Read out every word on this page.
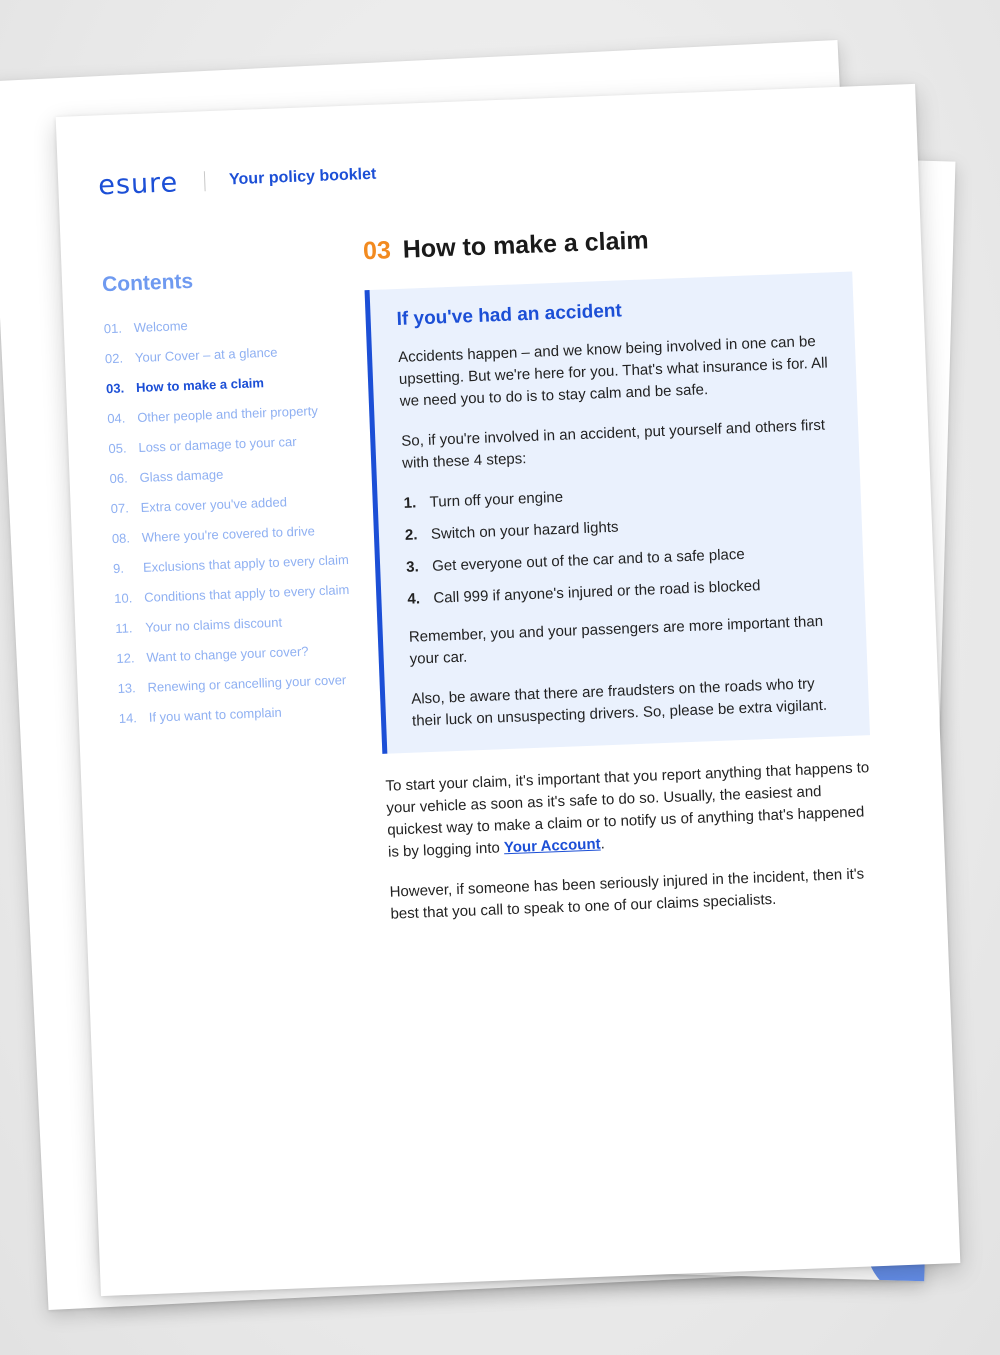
esure	Your policy booklet
Contents
01. Welcome
02. Your Cover – at a glance
03. How to make a claim
04. Other people and their property
05. Loss or damage to your car
06. Glass damage
07. Extra cover you've added
08. Where you're covered to drive
9.	Exclusions that apply to every claim
10. Conditions that apply to every claim
11. Your no claims discount
12. Want to change your cover?
13. Renewing or cancelling your cover
14. If you want to complain
03 How to make a claim
If you've had an accident

Accidents happen – and we know being involved in one can be upsetting. But we're here for you. That's what insurance is for. All we need you to do is to stay calm and be safe.

So, if you're involved in an accident, put yourself and others first with these 4 steps:

1. Turn off your engine
2. Switch on your hazard lights
3. Get everyone out of the car and to a safe place
4. Call 999 if anyone's injured or the road is blocked

Remember, you and your passengers are more important than your car.

Also, be aware that there are fraudsters on the roads who try their luck on unsuspecting drivers. So, please be extra vigilant.

To start your claim, it's important that you report anything that happens to your vehicle as soon as it's safe to do so. Usually, the easiest and quickest way to make a claim or to notify us of anything that's happened is by logging into Your Account.

However, if someone has been seriously injured in the incident, then it's best that you call to speak to one of our claims specialists.
